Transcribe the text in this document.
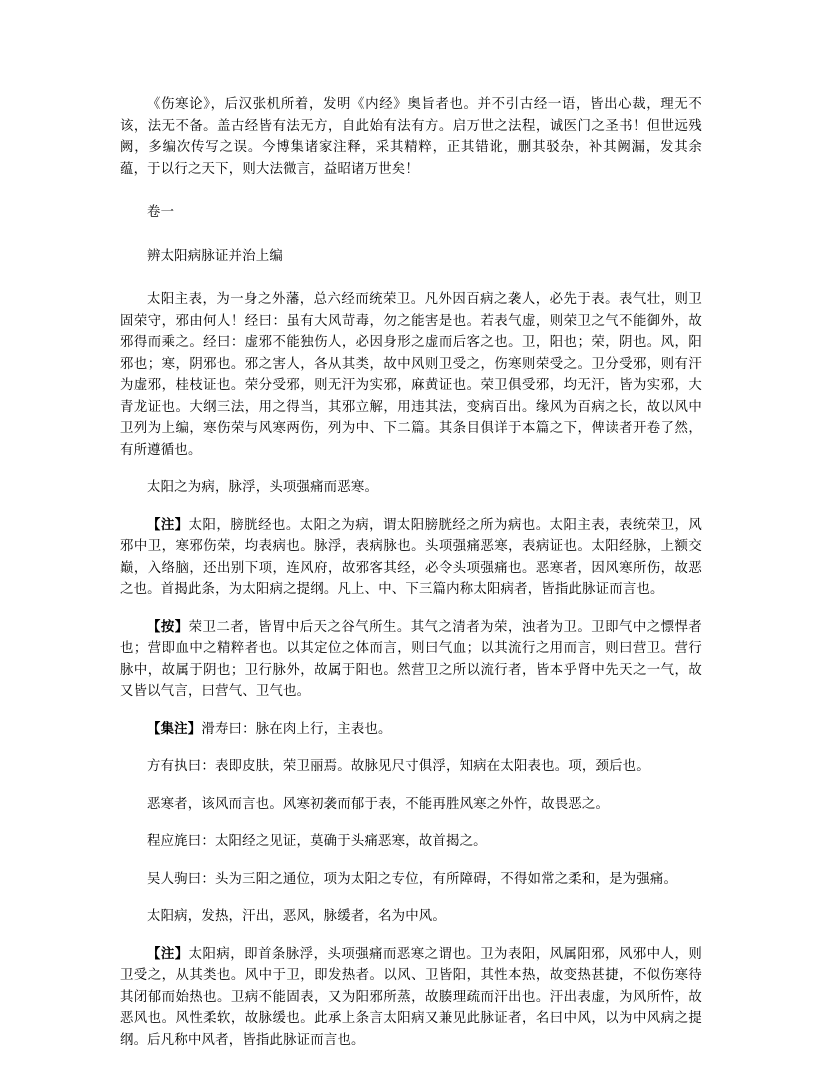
《伤寒论》，后汉张机所着，发明《内经》奥旨者也。并不引古经一语，皆出心裁，理无不该，法无不备。盖古经皆有法无方，自此始有法有方。启万世之法程，诚医门之圣书！但世远残阙，多编次传写之误。今博集诸家注释，采其精粹，正其错讹，删其驳杂，补其阙漏，发其余蕴，于以行之天下，则大法微言，益昭诸万世矣！

卷一

辨太阳病脉证并治上编

太阳主表，为一身之外藩，总六经而统荣卫。凡外因百病之袭人，必先于表。表气壮，则卫固荣守，邪由何人！经曰：虽有大风苛毒，勿之能害是也。若表气虚，则荣卫之气不能御外，故邪得而乘之。经曰：虚邪不能独伤人，必因身形之虚而后客之也。卫，阳也；荣，阴也。风，阳邪也；寒，阴邪也。邪之害人，各从其类，故中风则卫受之，伤寒则荣受之。卫分受邪，则有汗为虚邪，桂枝证也。荣分受邪，则无汗为实邪，麻黄证也。荣卫俱受邪，均无汗，皆为实邪，大青龙证也。大纲三法，用之得当，其邪立解，用违其法，变病百出。缘风为百病之长，故以风中卫列为上编，寒伤荣与风寒两伤，列为中、下二篇。其条目俱详于本篇之下，俾读者开卷了然，有所遵循也。

太阳之为病，脉浮，头项强痛而恶寒。

【注】太阳，膀胱经也。太阳之为病，谓太阳膀胱经之所为病也。太阳主表，表统荣卫，风邪中卫，寒邪伤荣，均表病也。脉浮，表病脉也。头项强痛恶寒，表病证也。太阳经脉，上额交巅，入络脑，还出别下项，连风府，故邪客其经，必令头项强痛也。恶寒者，因风寒所伤，故恶之也。首揭此条，为太阳病之提纲。凡上、中、下三篇内称太阳病者，皆指此脉证而言也。

【按】荣卫二者，皆胃中后天之谷气所生。其气之清者为荣，浊者为卫。卫即气中之慓悍者也；营即血中之精粹者也。以其定位之体而言，则曰气血；以其流行之用而言，则曰营卫。营行脉中，故属于阴也；卫行脉外，故属于阳也。然营卫之所以流行者，皆本乎肾中先天之一气，故又皆以气言，曰营气、卫气也。

【集注】滑寿曰：脉在肉上行，主表也。

方有执曰：表即皮肤，荣卫丽焉。故脉见尺寸俱浮，知病在太阳表也。项，颈后也。

恶寒者，该风而言也。风寒初袭而郁于表，不能再胜风寒之外忤，故畏恶之。

程应旄曰：太阳经之见证，莫确于头痛恶寒，故首揭之。

吴人驹曰：头为三阳之通位，项为太阳之专位，有所障碍，不得如常之柔和，是为强痛。

太阳病，发热，汗出，恶风，脉缓者，名为中风。

【注】太阳病，即首条脉浮，头项强痛而恶寒之谓也。卫为表阳，风属阳邪，风邪中人，则卫受之，从其类也。风中于卫，即发热者。以风、卫皆阳，其性本热，故变热甚捷，不似伤寒待其闭郁而始热也。卫病不能固表，又为阳邪所蒸，故腠理疏而汗出也。汗出表虚，为风所忤，故恶风也。风性柔软，故脉缓也。此承上条言太阳病又兼见此脉证者，名曰中风，以为中风病之提纲。后凡称中风者，皆指此脉证而言也。
